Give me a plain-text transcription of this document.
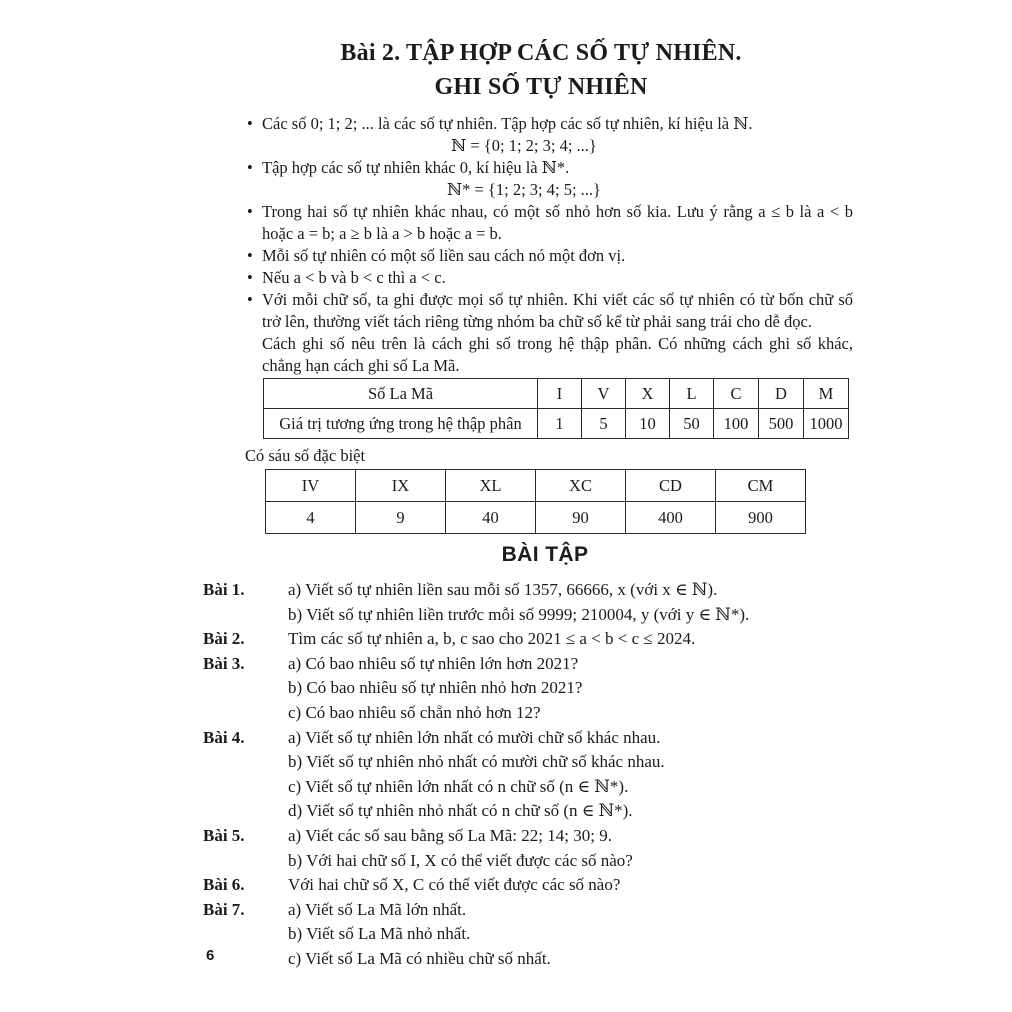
Bài 2. TẬP HỢP CÁC SỐ TỰ NHIÊN.
GHI SỐ TỰ NHIÊN
• Các số 0; 1; 2; ... là các số tự nhiên. Tập hợp các số tự nhiên, kí hiệu là ℕ.
ℕ = {0; 1; 2; 3; 4; ...}
• Tập hợp các số tự nhiên khác 0, kí hiệu là ℕ*.
ℕ* = {1; 2; 3; 4; 5; ...}
• Trong hai số tự nhiên khác nhau, có một số nhỏ hơn số kia. Lưu ý rằng a ≤ b là a < b hoặc a = b; a ≥ b là a > b hoặc a = b.
• Mỗi số tự nhiên có một số liền sau cách nó một đơn vị.
• Nếu a < b và b < c thì a < c.
• Với mỗi chữ số, ta ghi được mọi số tự nhiên. Khi viết các số tự nhiên có từ bốn chữ số trở lên, thường viết tách riêng từng nhóm ba chữ số kể từ phải sang trái cho dễ đọc.
Cách ghi số nêu trên là cách ghi số trong hệ thập phân. Có những cách ghi số khác, chẳng hạn cách ghi số La Mã.
Số La Mã	I	V	X	L	C	D	M
Giá trị tương ứng trong hệ thập phân	1	5	10	50	100	500	1000
Có sáu số đặc biệt
IV	IX	XL	XC	CD	CM
4	9	40	90	400	900
BÀI TẬP
Bài 1.	a) Viết số tự nhiên liền sau mỗi số 1357, 66666, x (với x ∈ ℕ).
b) Viết số tự nhiên liền trước mỗi số 9999; 210004, y (với y ∈ ℕ*).
Bài 2.	Tìm các số tự nhiên a, b, c sao cho 2021 ≤ a < b < c ≤ 2024.
Bài 3.	a) Có bao nhiêu số tự nhiên lớn hơn 2021?
b) Có bao nhiêu số tự nhiên nhỏ hơn 2021?
c) Có bao nhiêu số chẵn nhỏ hơn 12?
Bài 4.	a) Viết số tự nhiên lớn nhất có mười chữ số khác nhau.
b) Viết số tự nhiên nhỏ nhất có mười chữ số khác nhau.
c) Viết số tự nhiên lớn nhất có n chữ số (n ∈ ℕ*).
d) Viết số tự nhiên nhỏ nhất có n chữ số (n ∈ ℕ*).
Bài 5.	a) Viết các số sau bằng số La Mã: 22; 14; 30; 9.
b) Với hai chữ số I, X có thể viết được các số nào?
Bài 6.	Với hai chữ số X, C có thể viết được các số nào?
Bài 7.	a) Viết số La Mã lớn nhất.
b) Viết số La Mã nhỏ nhất.
c) Viết số La Mã có nhiều chữ số nhất.
6
